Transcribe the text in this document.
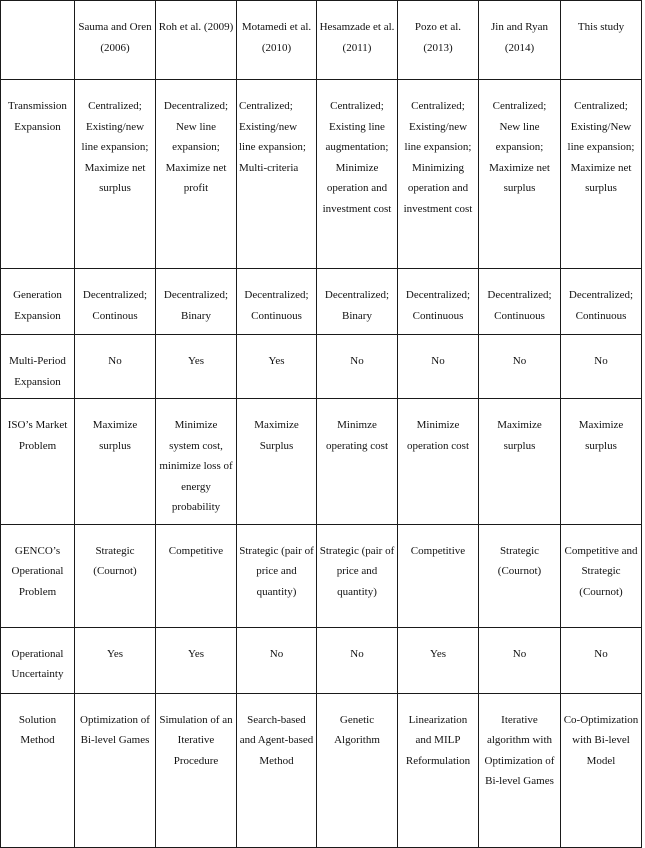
	Sauma and Oren (2006)	Roh et al. (2009)	Motamedi et al. (2010)	Hesamzade et al. (2011)	Pozo et al. (2013)	Jin and Ryan (2014)	This study
Transmission Expansion	Centralized; Existing/new line expansion; Maximize net surplus	Decentralized; New line expansion; Maximize net profit	Centralized; Existing/new line expansion; Multi-criteria	Centralized; Existing line augmentation; Minimize operation and investment cost	Centralized; Existing/new line expansion; Minimizing operation and investment cost	Centralized; New line expansion; Maximize net surplus	Centralized; Existing/New line expansion; Maximize net surplus
Generation Expansion	Decentralized; Continous	Decentralized; Binary	Decentralized; Continuous	Decentralized; Binary	Decentralized; Continuous	Decentralized; Continuous	Decentralized; Continuous
Multi-Period Expansion	No	Yes	Yes	No	No	No	No
ISO’s Market Problem	Maximize surplus	Minimize system cost, minimize loss of energy probability	Maximize Surplus	Minimze operating cost	Minimize operation cost	Maximize surplus	Maximize surplus
GENCO’s Operational Problem	Strategic (Cournot)	Competitive	Strategic (pair of price and quantity)	Strategic (pair of price and quantity)	Competitive	Strategic (Cournot)	Competitive and Strategic (Cournot)
Operational Uncertainty	Yes	Yes	No	No	Yes	No	No
Solution Method	Optimization of Bi-level Games	Simulation of an Iterative Procedure	Search-based and Agent-based Method	Genetic Algorithm	Linearization and MILP Reformulation	Iterative algorithm with Optimization of Bi-level Games	Co-Optimization with Bi-level Model
